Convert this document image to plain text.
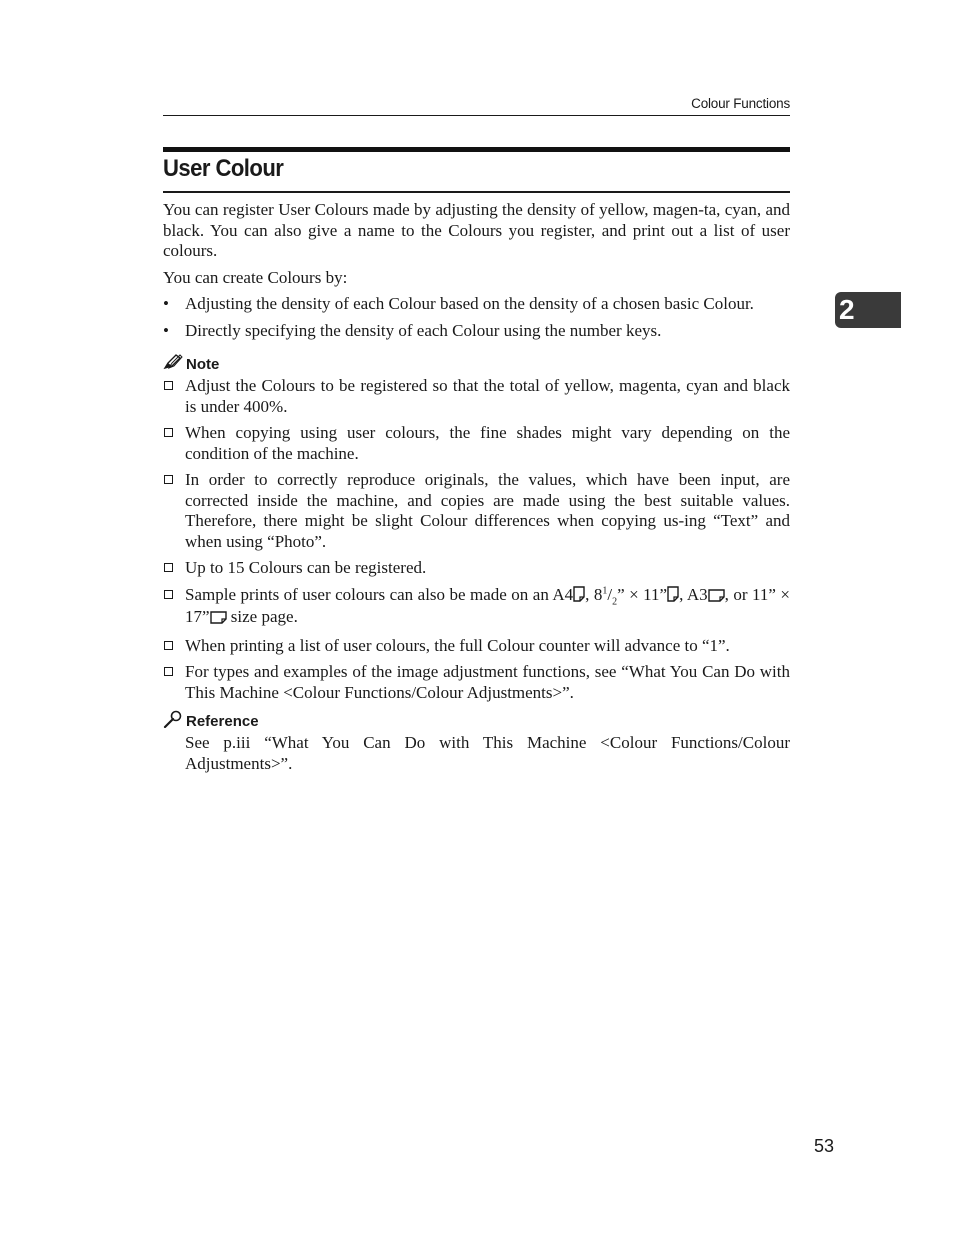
Colour Functions
User Colour
2

You can register User Colours made by adjusting the density of yellow, magen-ta, cyan, and black. You can also give a name to the Colours you register, and print out a list of user colours.

You can create Colours by:

• Adjusting the density of each Colour based on the density of a chosen basic Colour.
• Directly specifying the density of each Colour using the number keys.
Note
Adjust the Colours to be registered so that the total of yellow, magenta, cyan and black is under 400%.
When copying using user colours, the fine shades might vary depending on the condition of the machine.
In order to correctly reproduce originals, the values, which have been input, are corrected inside the machine, and copies are made using the best suitable values. Therefore, there might be slight Colour differences when copying us-ing “Text” and when using “Photo”.
Up to 15 Colours can be registered.
Sample prints of user colours can also be made on an A4 , $8^1/_2$” × 11” , A3 , or 11” × 17” size page.
When printing a list of user colours, the full Colour counter will advance to “1”.
For types and examples of the image adjustment functions, see “What You Can Do with This Machine <Colour Functions/Colour Adjustments>”.
Reference

See p.iii “What You Can Do with This Machine <Colour Functions/Colour Adjustments>”.

53
